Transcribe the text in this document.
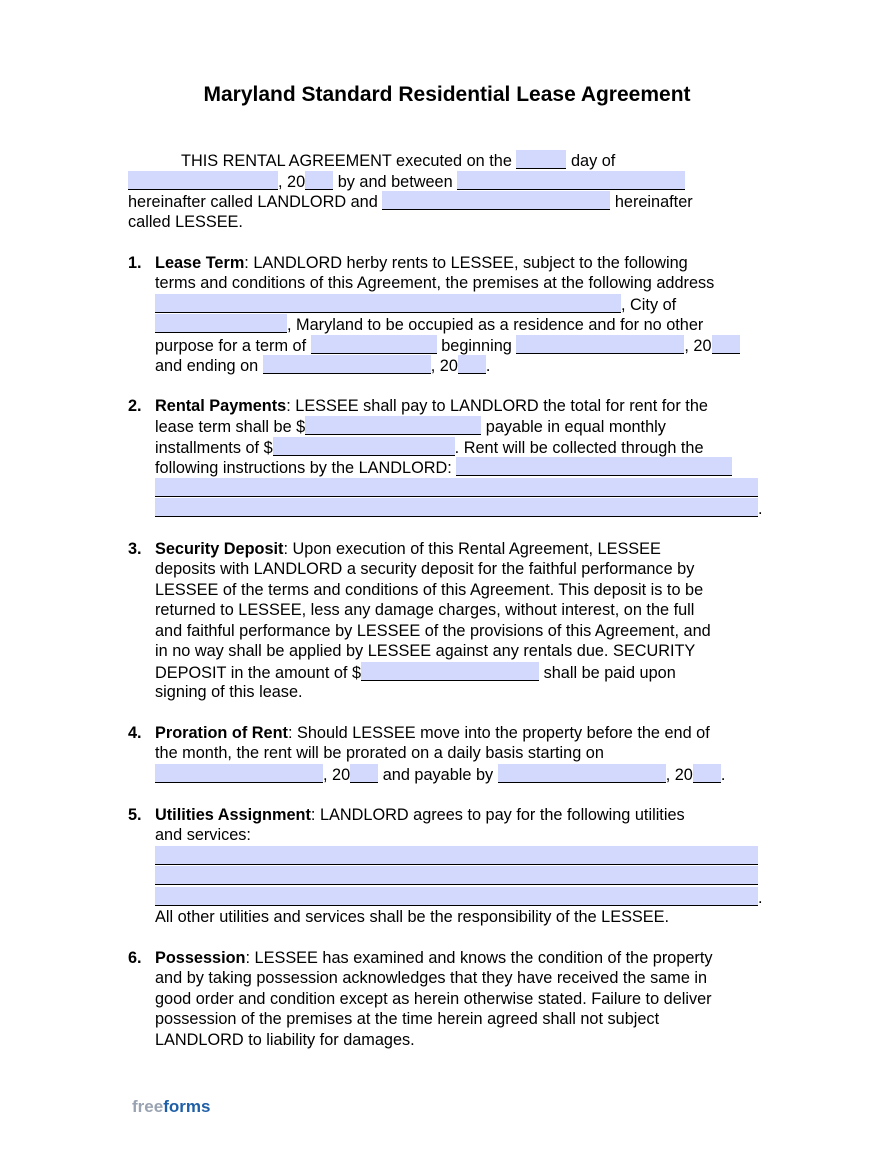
Maryland Standard Residential Lease Agreement
THIS RENTAL AGREEMENT executed on the	day of
, 20 by and between
hereinafter called LANDLORD and	hereinafter
called LESSEE.
1. Lease Term: LANDLORD herby rents to LESSEE, subject to the following
terms and conditions of this Agreement, the premises at the following address
, City of
, Maryland to be occupied as a residence and for no other
purpose for a term of	beginning	, 20
and ending on	, 20 .
2. Rental Payments: LESSEE shall pay to LANDLORD the total for rent for the
lease term shall be $	payable in equal monthly
installments of $	. Rent will be collected through the
following instructions by the LANDLORD:
.
3. Security Deposit: Upon execution of this Rental Agreement, LESSEE
deposits with LANDLORD a security deposit for the faithful performance by
LESSEE of the terms and conditions of this Agreement. This deposit is to be
returned to LESSEE, less any damage charges, without interest, on the full
and faithful performance by LESSEE of the provisions of this Agreement, and
in no way shall be applied by LESSEE against any rentals due. SECURITY
DEPOSIT in the amount of $	shall be paid upon
signing of this lease.
4. Proration of Rent: Should LESSEE move into the property before the end of
the month, the rent will be prorated on a daily basis starting on
, 20 and payable by	, 20 .
5. Utilities Assignment: LANDLORD agrees to pay for the following utilities
and services:
.
All other utilities and services shall be the responsibility of the LESSEE.
6. Possession: LESSEE has examined and knows the condition of the property
and by taking possession acknowledges that they have received the same in
good order and condition except as herein otherwise stated. Failure to deliver
possession of the premises at the time herein agreed shall not subject
LANDLORD to liability for damages.
freeforms
